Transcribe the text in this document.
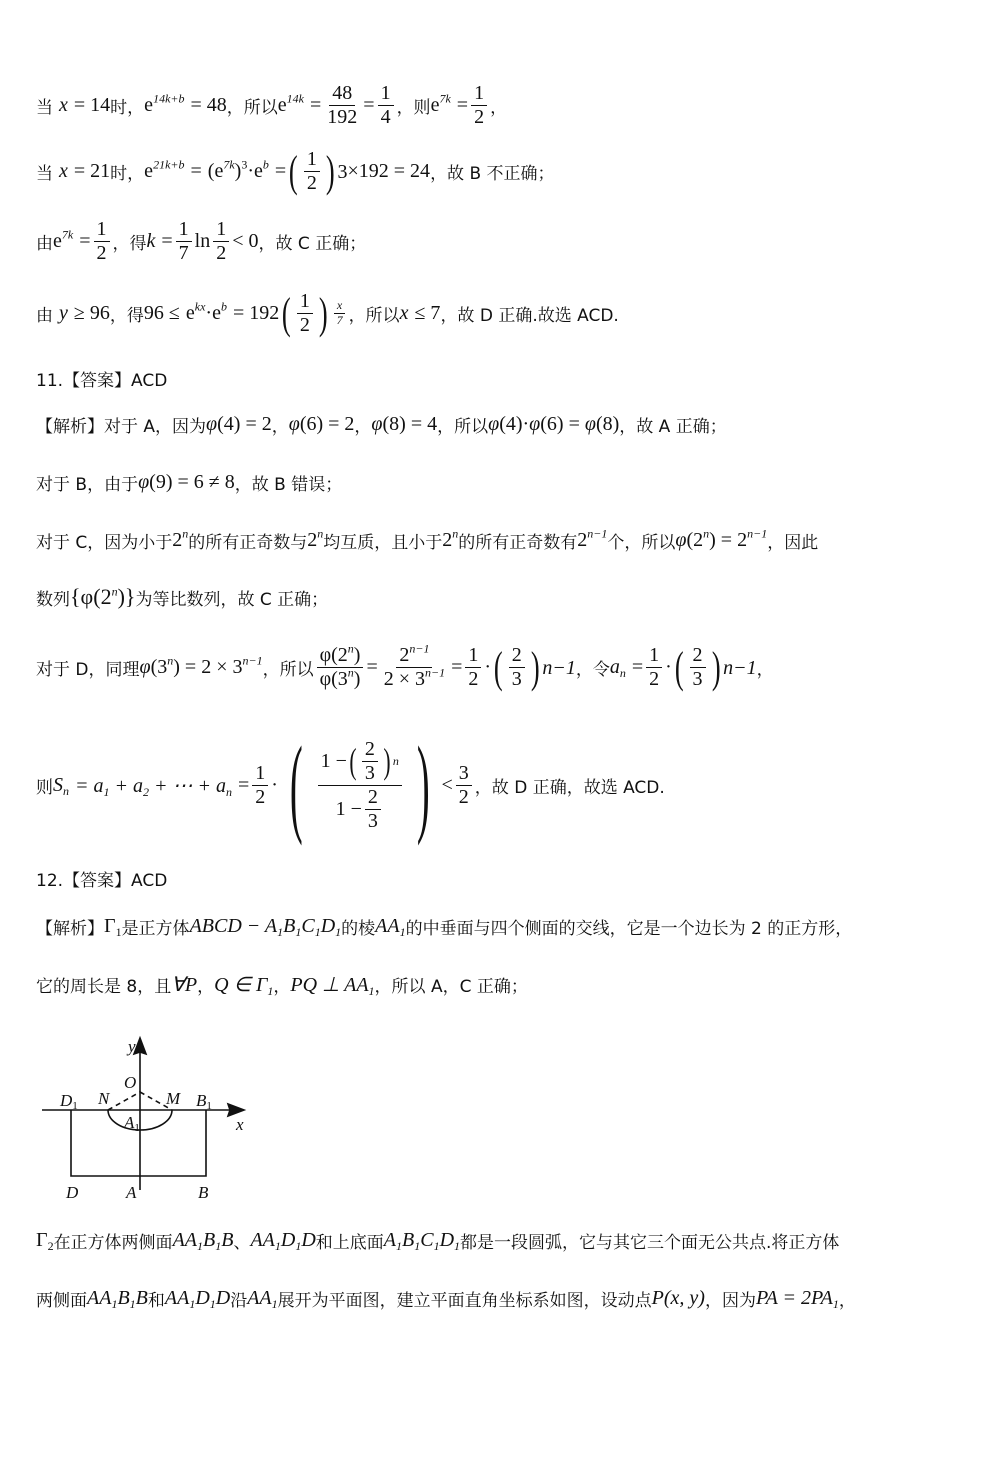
当 x = 14 时， $e^{14k+b} = 48$ ，所以 $e^{14k} = \frac{48}{192} = \frac{1}{4}$ ，则 $e^{7k} = \frac{1}{2}$ ，
当 x = 21 时， $e^{21k+b} = (e^{7k})^3 \cdot e^b$ = ( $\frac{1}{2}$ ) 3 ×192 = 24 ，故 B 不正确；
由 $e^{7k} = \frac{1}{2}$ ，得 $k = \frac{1}{7}$ $\ln \frac{1}{2} < 0$ ，故 C 正确；
由 y ≥ 96 ，得 $96 \le e^{kx} \cdot e^b = 192$ ( $\frac{1}{2}$ ) $\frac{x}{7}$ ，所以 x ≤ 7 ，故 D 正确.故选 ACD.
11.【答案】ACD
【解析】对于 A，因为 φ(4) = 2 ， φ(6) = 2 ， φ(8) = 4 ，所以 φ(4)·φ(6) = φ(8) ，故 A 正确；
对于 B，由于 φ(9) = 6 ≠ 8 ，故 B 错误；
对于 C，因为小于 2$^n$ 的所有正奇数与 2$^n$ 均互质，且小于 2$^n$ 的所有正奇数有 $2^{n-1}$ 个，所以 $\varphi(2^n) = 2^{n-1}$ ，因此
数列 {φ(2$^n$)} 为等比数列，故 C 正确；
对于 D，同理 $\varphi(3^n) = 2 \times 3^{n-1}$ ，所以 $\frac{\varphi(2^n)}{\varphi(3^n)} = \frac{2^{n-1}}{2 \times 3^{n-1}} = \frac{1}{2}$ · ( $\frac{2}{3}$ ) n−1 ，令 $a_n = \frac{1}{2}$ · ( $\frac{2}{3}$ ) n−1 ，
则 $S_n = a_1 + a_2$ + ⋯ + $a_n = \frac{1}{2}$ · ( $\frac{1 - ( \frac{2}{3} ) n}{1 - \frac{2}{3}}$ ) < $\frac{3}{2}$ ，故 D 正确，故选 ACD.
12.【答案】ACD
【解析】 $\Gamma_1$ 是正方体 ABCD − $A_1B_1C_1D_1$ 的棱 $AA_1$ 的中垂面与四个侧面的交线，它是一个边长为 2 的正方形，
它的周长是 8，且 ∀P ， Q ∈ $\Gamma_1$ ， PQ ⊥ $AA_1$ ，所以 A，C 正确；
y
x
O
N	M
D1	B1
A1
D	A	B
$\Gamma_2$ 在正方体两侧面 $AA_1B_1B$ 、 $AA_1D_1D$ 和上底面 $A_1B_1C_1D_1$ 都是一段圆弧，它与其它三个面无公共点.将正方体
两侧面 $AA_1B_1B$ 和 $AA_1D_1D$ 沿 $AA_1$ 展开为平面图，建立平面直角坐标系如图，设动点 P(x, y) ，因为 PA = $2PA_1$ ，
